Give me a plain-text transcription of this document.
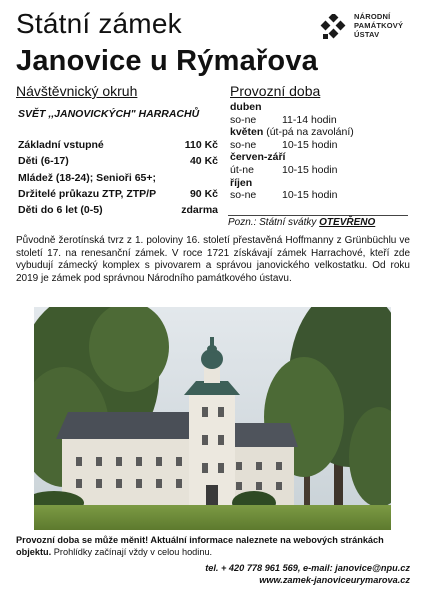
Státní zámek
Janovice u Rýmařova
NÁRODNÍ
PAMÁTKOVÝ
ÚSTAV
Návštěvnický okruh	Provozní doba
SVĚT ,,JANOVICKÝCH" HARRACHŮ
Základní vstupné	110 Kč
Děti (6-17)	40 Kč
Mládež (18-24); Senioři 65+;
Držitelé průkazu ZTP, ZTP/P	90 Kč
Děti do 6 let (0-5)	zdarma
duben
so-ne	11-14 hodin
květen (út-pá na zavolání)
so-ne	10-15 hodin
červen-září
út-ne	10-15 hodin
říjen
so-ne	10-15 hodin
Pozn.: Státní svátky OTEVŘENO
Původně žerotínská tvrz z 1. poloviny 16. století přestavěná Hoffmanny z Grünbüchlu ve století 17. na renesanční zámek. V roce 1721 získávají zámek Harrachové, kteří zde vybudují zámecký komplex s pivovarem a správou janovického velkostatku. Od roku 2019 je zámek pod správnou Národního památkového ústavu.
Provozní doba se může měnit! Aktuální informace naleznete na webových stránkách objektu. Prohlídky začínají vždy v celou hodinu.
tel. + 420 778 961 569, e-mail: janovice@npu.cz
www.zamek-janoviceurymarova.cz
